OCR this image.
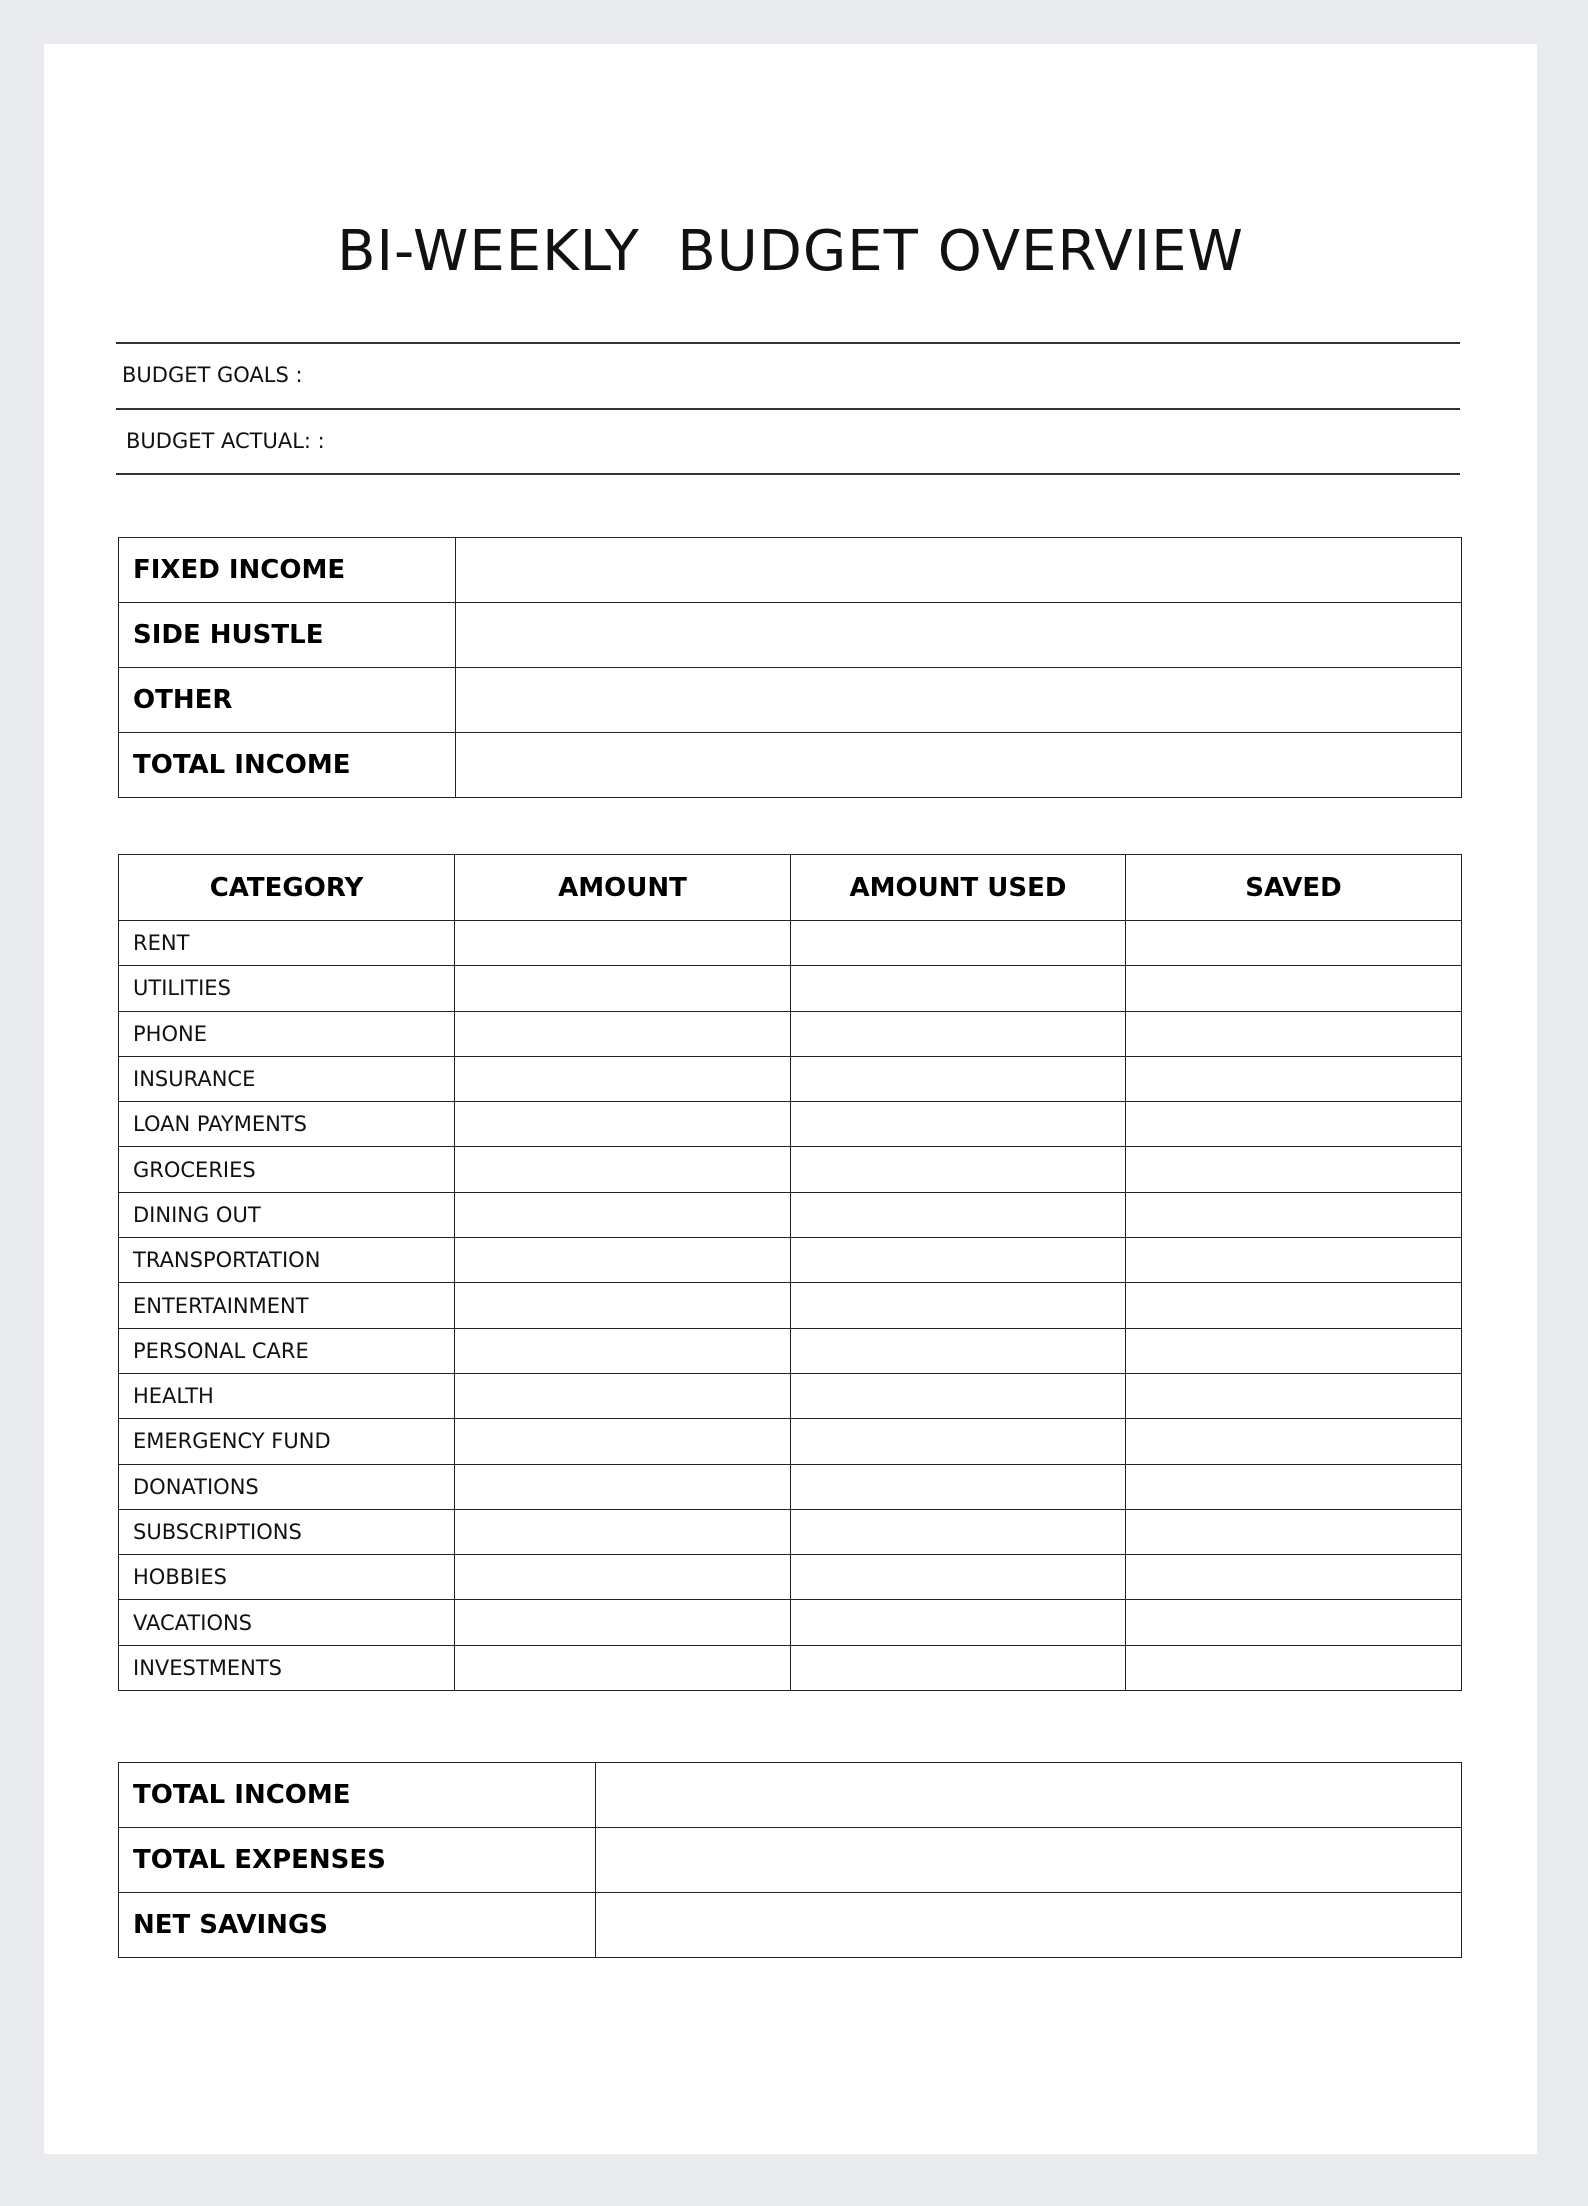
BI-WEEKLY  BUDGET OVERVIEW
BUDGET GOALS :
BUDGET ACTUAL: :
FIXED INCOME	
SIDE HUSTLE	
OTHER	
TOTAL INCOME	
CATEGORY	AMOUNT	AMOUNT USED	SAVED
RENT			
UTILITIES			
PHONE			
INSURANCE			
LOAN PAYMENTS			
GROCERIES			
DINING OUT			
TRANSPORTATION			
ENTERTAINMENT			
PERSONAL CARE			
HEALTH			
EMERGENCY FUND			
DONATIONS			
SUBSCRIPTIONS			
HOBBIES			
VACATIONS			
INVESTMENTS			
TOTAL INCOME	
TOTAL EXPENSES	
NET SAVINGS	
